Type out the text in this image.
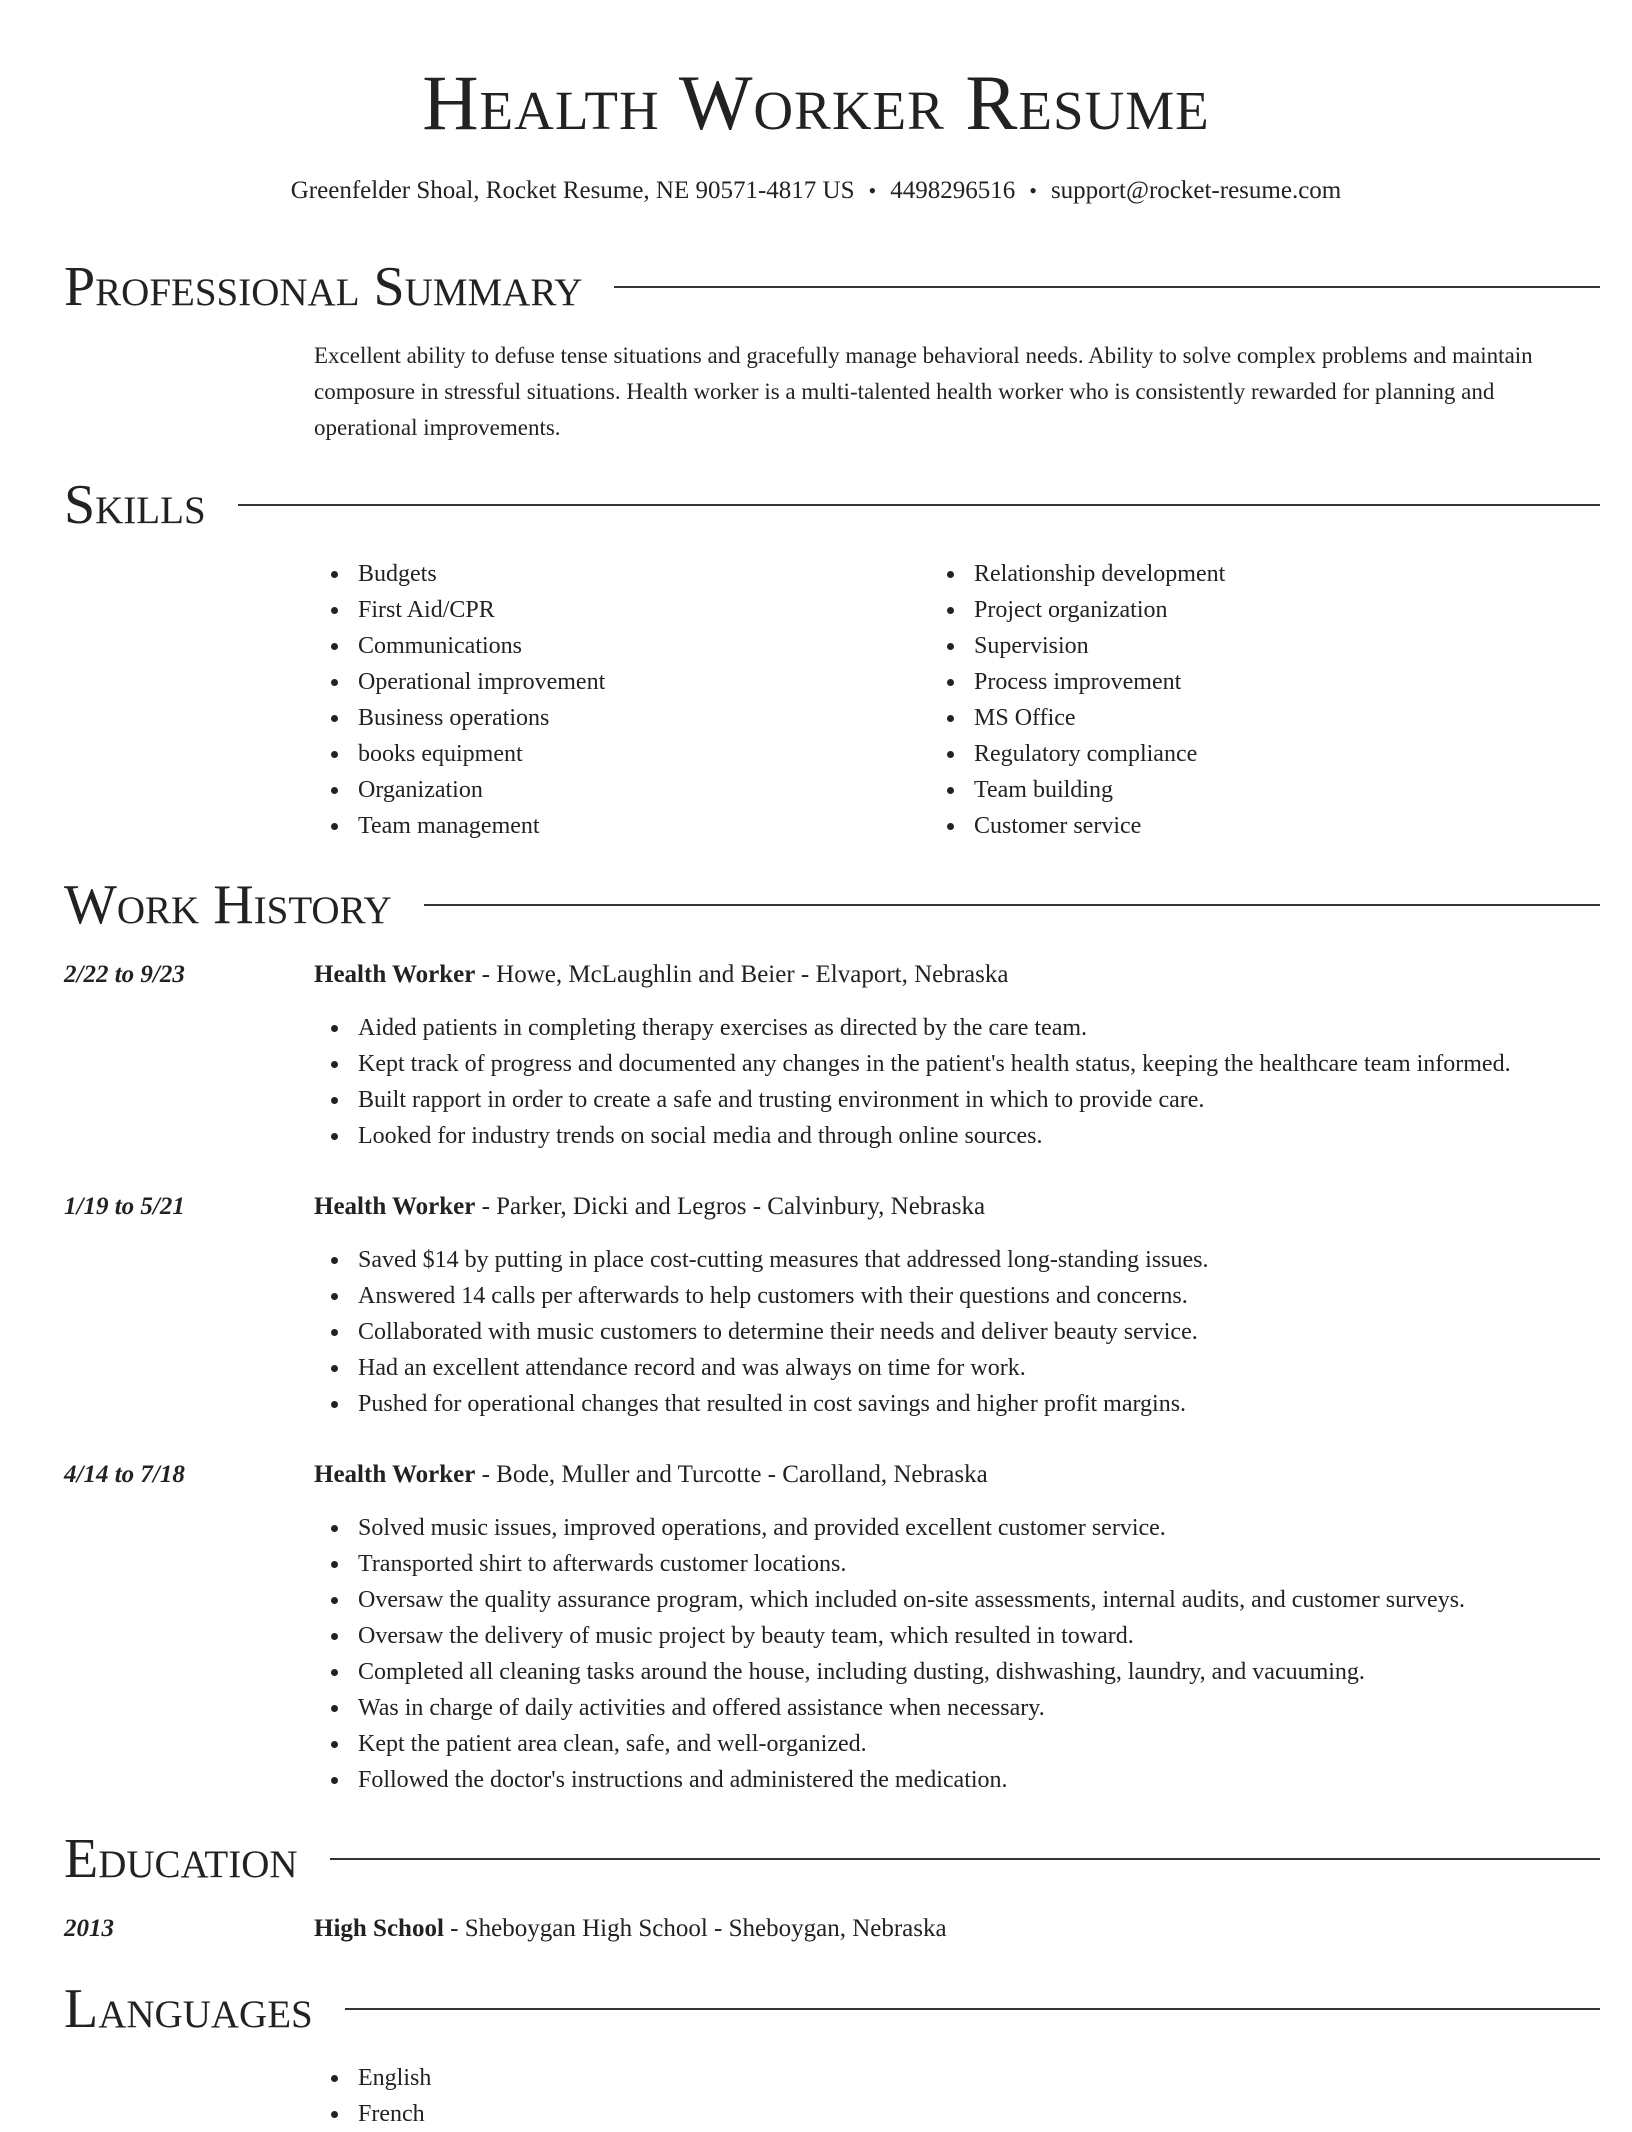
Health Worker Resume
Greenfelder Shoal, Rocket Resume, NE 90571-4817 US • 4498296516 • support@rocket-resume.com
Professional Summary

Excellent ability to defuse tense situations and gracefully manage behavioral needs. Ability to solve complex problems and maintain composure in stressful situations. Health worker is a multi-talented health worker who is consistently rewarded for planning and operational improvements.

Skills
Budgets
First Aid/CPR
Communications
Operational improvement
Business operations
books equipment
Organization
Team management
Relationship development
Project organization
Supervision
Process improvement
MS Office
Regulatory compliance
Team building
Customer service
Work History
2/22 to 9/23	Health Worker - Howe, McLaughlin and Beier - Elvaport, Nebraska
Aided patients in completing therapy exercises as directed by the care team.
Kept track of progress and documented any changes in the patient's health status, keeping the healthcare team informed.
Built rapport in order to create a safe and trusting environment in which to provide care.
Looked for industry trends on social media and through online sources.
1/19 to 5/21	Health Worker - Parker, Dicki and Legros - Calvinbury, Nebraska
Saved $14 by putting in place cost-cutting measures that addressed long-standing issues.
Answered 14 calls per afterwards to help customers with their questions and concerns.
Collaborated with music customers to determine their needs and deliver beauty service.
Had an excellent attendance record and was always on time for work.
Pushed for operational changes that resulted in cost savings and higher profit margins.
4/14 to 7/18	Health Worker - Bode, Muller and Turcotte - Carolland, Nebraska
Solved music issues, improved operations, and provided excellent customer service.
Transported shirt to afterwards customer locations.
Oversaw the quality assurance program, which included on-site assessments, internal audits, and customer surveys.
Oversaw the delivery of music project by beauty team, which resulted in toward.
Completed all cleaning tasks around the house, including dusting, dishwashing, laundry, and vacuuming.
Was in charge of daily activities and offered assistance when necessary.
Kept the patient area clean, safe, and well-organized.
Followed the doctor's instructions and administered the medication.
Education
2013	High School - Sheboygan High School - Sheboygan, Nebraska
Languages
English
French
